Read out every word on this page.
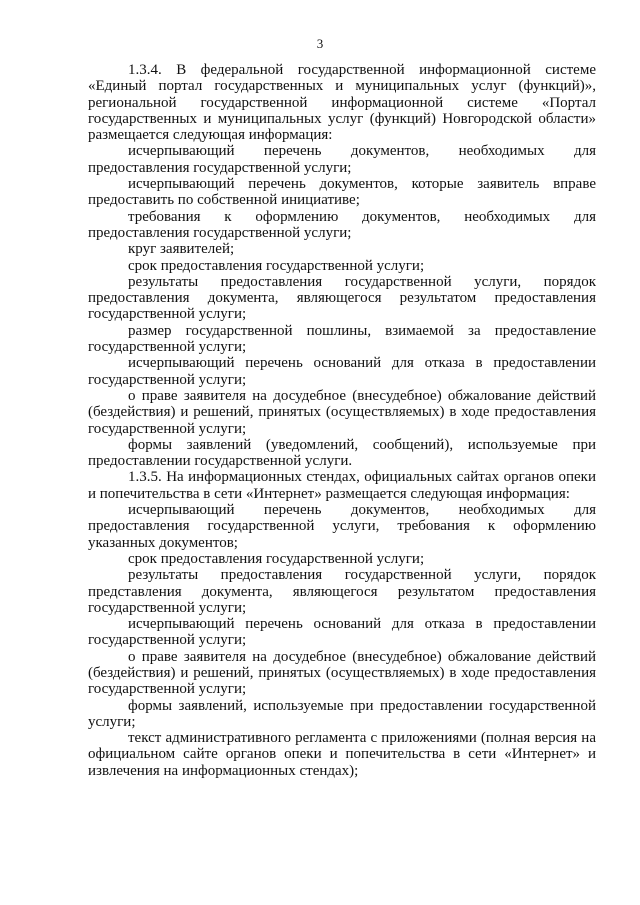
3

1.3.4. В федеральной государственной информационной системе «Единый портал государственных и муниципальных услуг (функций)», региональной государственной информационной системе «Портал государственных и муниципальных услуг (функций) Новгородской области» размещается следующая информация:

исчерпывающий перечень документов, необходимых для предоставления государственной услуги;

исчерпывающий перечень документов, которые заявитель вправе предоставить по собственной инициативе;

требования к оформлению документов, необходимых для предоставления государственной услуги;

круг заявителей;

срок предоставления государственной услуги;

результаты предоставления государственной услуги, порядок предоставления документа, являющегося результатом предоставления государственной услуги;

размер государственной пошлины, взимаемой за предоставление государственной услуги;

исчерпывающий перечень оснований для отказа в предоставлении государственной услуги;

о праве заявителя на досудебное (внесудебное) обжалование действий (бездействия) и решений, принятых (осуществляемых) в ходе предоставления государственной услуги;

формы заявлений (уведомлений, сообщений), используемые при предоставлении государственной услуги.

1.3.5. На информационных стендах, официальных сайтах органов опеки и попечительства в сети «Интернет» размещается следующая информация:

исчерпывающий перечень документов, необходимых для предоставления государственной услуги, требования к оформлению указанных документов;

срок предоставления государственной услуги;

результаты предоставления государственной услуги, порядок представления документа, являющегося результатом предоставления государственной услуги;

исчерпывающий перечень оснований для отказа в предоставлении государственной услуги;

о праве заявителя на досудебное (внесудебное) обжалование действий (бездействия) и решений, принятых (осуществляемых) в ходе предоставления государственной услуги;

формы заявлений, используемые при предоставлении государственной услуги;

текст административного регламента с приложениями (полная версия на официальном сайте органов опеки и попечительства в сети «Интернет» и извлечения на информационных стендах);
